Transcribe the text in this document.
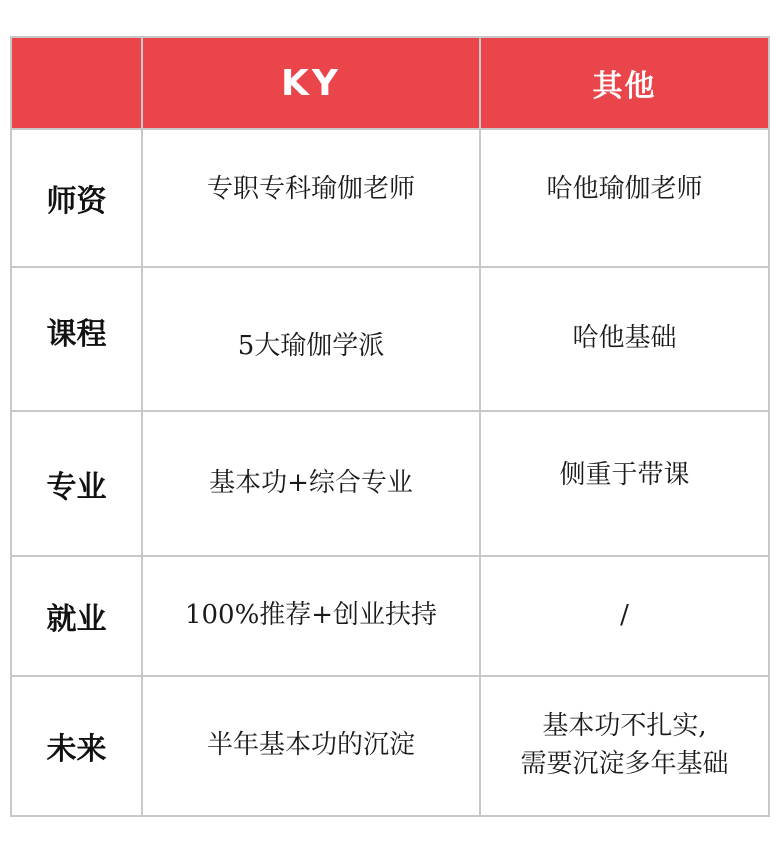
	KY	其他
师资	专职专科瑜伽老师	哈他瑜伽老师
课程	5大瑜伽学派	哈他基础
专业	基本功+综合专业	侧重于带课
就业	100%推荐+创业扶持	/
未来	半年基本功的沉淀	基本功不扎实,
需要沉淀多年基础
